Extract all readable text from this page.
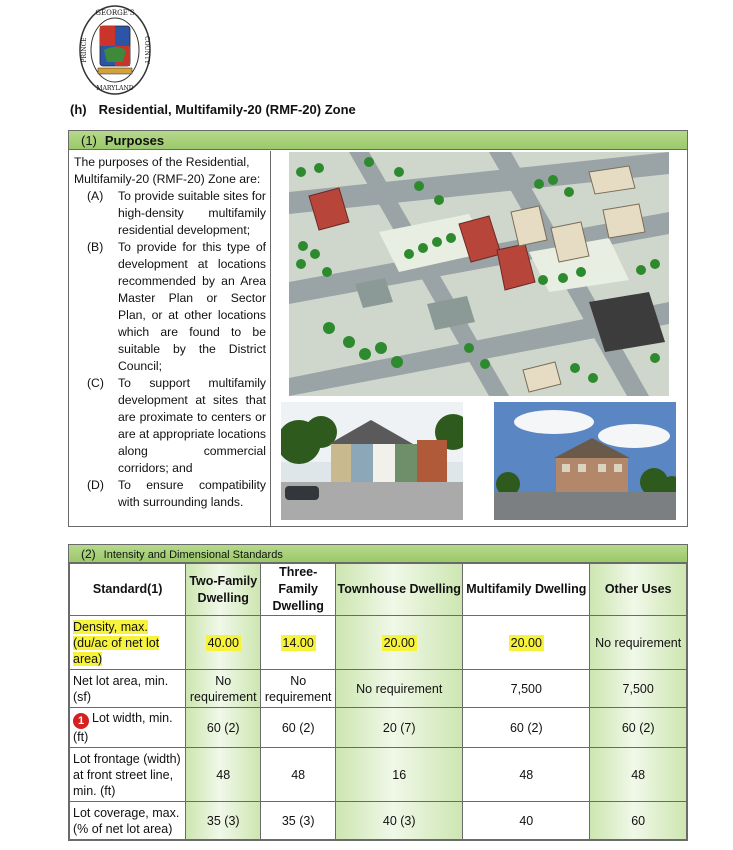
GEORGE'S
MARYLAND
PRINCE	COUNTY
(h) Residential, Multifamily-20 (RMF-20) Zone
(1) Purposes
The purposes of the Residential, Multifamily-20 (RMF-20) Zone are:
(A)	To provide suitable sites for high-density multifamily residential development;
(B)	To provide for this type of development at locations recommended by an Area Master Plan or Sector Plan, or at other locations which are found to be suitable by the District Council;
(C)	To support multifamily development at sites that are proximate to centers or are at appropriate locations along commercial corridors; and
(D)	To ensure compatibility with surrounding lands.
(2) Intensity and Dimensional Standards
Standard(1)	Two-Family Dwelling	Three-Family Dwelling	Townhouse Dwelling	Multifamily Dwelling	Other Uses
Density, max. (du/ac of net lot area)	40.00	14.00	20.00	20.00	No requirement
Net lot area, min. (sf)	No requirement	No requirement	No requirement	7,500	7,500
1 Lot width, min. (ft)	60 (2)	60 (2)	20 (7)	60 (2)	60 (2)
Lot frontage (width) at front street line, min. (ft)	48	48	16	48	48
Lot coverage, max. (% of net lot area)	35 (3)	35 (3)	40 (3)	40	60
